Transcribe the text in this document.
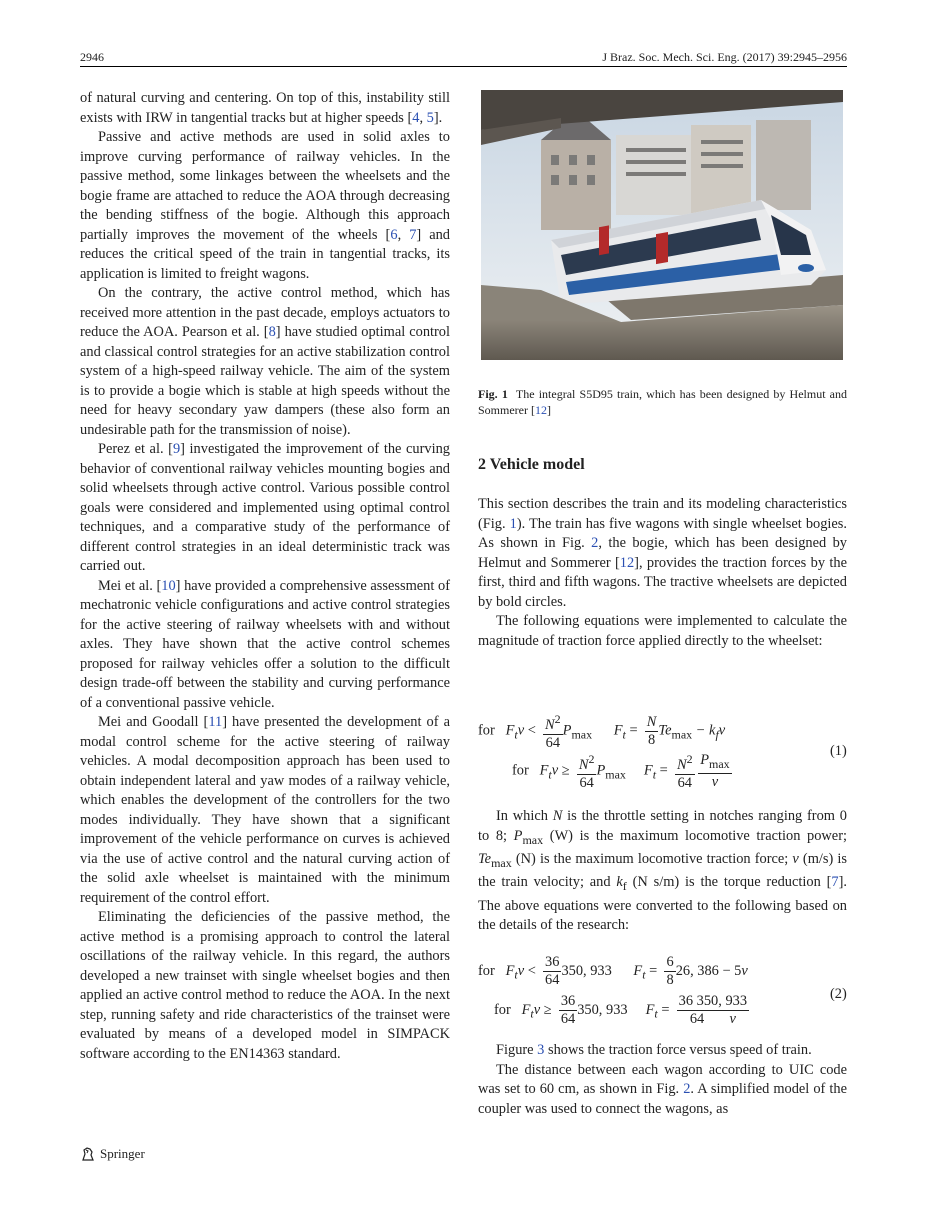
2946	J Braz. Soc. Mech. Sci. Eng. (2017) 39:2945–2956

of natural curving and centering. On top of this, instability still exists with IRW in tangential tracks but at higher speeds [4, 5].

Passive and active methods are used in solid axles to improve curving performance of railway vehicles. In the passive method, some linkages between the wheelsets and the bogie frame are attached to reduce the AOA through decreasing the bending stiffness of the bogie. Although this approach partially improves the movement of the wheels [6, 7] and reduces the critical speed of the train in tangential tracks, its application is limited to freight wagons.

On the contrary, the active control method, which has received more attention in the past decade, employs actuators to reduce the AOA. Pearson et al. [8] have studied optimal control and classical control strategies for an active stabilization control system of a high-speed railway vehicle. The aim of the system is to provide a bogie which is stable at high speeds without the need for heavy secondary yaw dampers (these also form an undesirable path for the transmission of noise).

Perez et al. [9] investigated the improvement of the curving behavior of conventional railway vehicles mounting bogies and solid wheelsets through active control. Various possible control goals were considered and implemented using optimal control techniques, and a comparative study of the performance of different control strategies in an ideal deterministic track was carried out.

Mei et al. [10] have provided a comprehensive assessment of mechatronic vehicle configurations and active control strategies for the active steering of railway wheelsets with and without axles. They have shown that the active control schemes proposed for railway vehicles offer a solution to the difficult design trade-off between the stability and curving performance of a conventional passive vehicle.

Mei and Goodall [11] have presented the development of a modal control scheme for the active steering of railway vehicles. A modal decomposition approach has been used to obtain independent lateral and yaw modes of a railway vehicle, which enables the development of the controllers for the two modes individually. They have shown that a significant improvement of the vehicle performance on curves is achieved via the use of active control and the natural curving action of the solid axle wheelset is maintained with the minimum requirement of the control effort.

Eliminating the deficiencies of the passive method, the active method is a promising approach to control the lateral oscillations of the railway vehicle. In this regard, the authors developed a new trainset with single wheelset bogies and then applied an active control method to reduce the AOA. In the next step, running safety and ride characteristics of the trainset were evaluated by means of a developed model in SIMPACK software according to the EN14363 standard.

Fig. 1 The integral S5D95 train, which has been designed by Helmut and Sommerer [12]
2 Vehicle model

This section describes the train and its modeling characteristics (Fig. 1). The train has five wagons with single wheelset bogies. As shown in Fig. 2, the bogie, which has been designed by Helmut and Sommerer [12], provides the traction forces by the first, third and fifth wagons. The tractive wheelsets are depicted by bold circles.

The following equations were implemented to calculate the magnitude of traction force applied directly to the wheelset:

for $F_tv < \frac{N^2}{64} P_{max}$ $F_t = \frac{N}{8} Te_{max} - k_fv$
for $F_tv \ge \frac{N^2}{64} P_{max}$ $F_t = \frac{N^2}{64}$
$\frac{P_{max}}{v}$
(1)

In which N is the throttle setting in notches ranging from 0 to 8; $P_{max}$ (W) is the maximum locomotive traction power; $Te_{max}$ (N) is the maximum locomotive traction force; v (m/s) is the train velocity; and $k_f$ (N s/m) is the torque reduction [7]. The above equations were converted to the following based on the details of the research:

for $F_tv < \frac{36}{64} 350$, 933 $F_t = \frac{6}{8} 26$, 386 − 5v
for $F_tv \ge \frac{36}{64} 350$, 933 $F_t = \frac{36 350, 933}{64 v}$	(2)

Figure 3 shows the traction force versus speed of train.

The distance between each wagon according to UIC code was set to 60 cm, as shown in Fig. 2. A simplified model of the coupler was used to connect the wagons, as

Springer
